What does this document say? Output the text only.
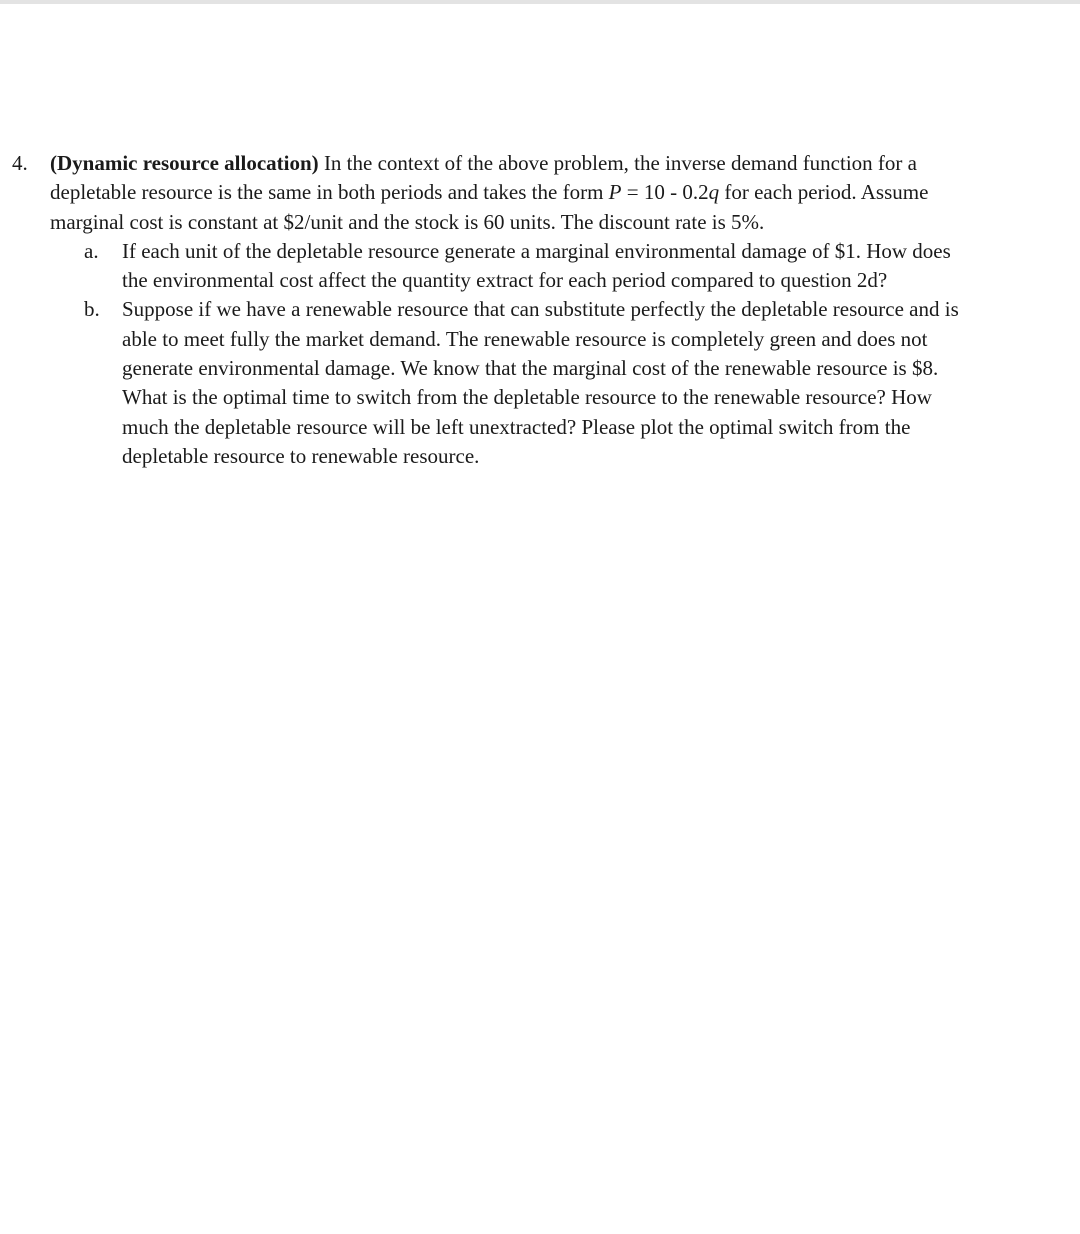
4.	(Dynamic resource allocation) In the context of the above problem, the inverse demand function for a depletable resource is the same in both periods and takes the form P = 10 - 0.2q for each period. Assume marginal cost is constant at $2/unit and the stock is 60 units. The discount rate is 5%.
a.	If each unit of the depletable resource generate a marginal environmental damage of $1. How does the environmental cost affect the quantity extract for each period compared to question 2d?
b.	Suppose if we have a renewable resource that can substitute perfectly the depletable resource and is able to meet fully the market demand. The renewable resource is completely green and does not generate environmental damage. We know that the marginal cost of the renewable resource is $8. What is the optimal time to switch from the depletable resource to the renewable resource? How much the depletable resource will be left unextracted? Please plot the optimal switch from the depletable resource to renewable resource.
